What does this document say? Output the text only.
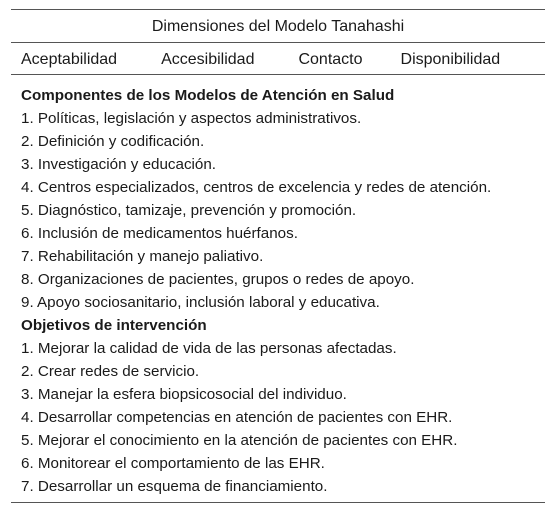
Dimensiones del Modelo Tanahashi
Aceptabilidad	Accesibilidad	Contacto Disponibilidad
Componentes de los Modelos de Atención en Salud
1. Políticas, legislación y aspectos administrativos.
2. Definición y codificación.
3. Investigación y educación.
4. Centros especializados, centros de excelencia y redes de atención.
5. Diagnóstico, tamizaje, prevención y promoción.
6. Inclusión de medicamentos huérfanos.
7. Rehabilitación y manejo paliativo.
8. Organizaciones de pacientes, grupos o redes de apoyo.
9. Apoyo sociosanitario, inclusión laboral y educativa.
Objetivos de intervención
1. Mejorar la calidad de vida de las personas afectadas.
2. Crear redes de servicio.
3. Manejar la esfera biopsicosocial del individuo.
4. Desarrollar competencias en atención de pacientes con EHR.
5. Mejorar el conocimiento en la atención de pacientes con EHR.
6. Monitorear el comportamiento de las EHR.
7. Desarrollar un esquema de financiamiento.
